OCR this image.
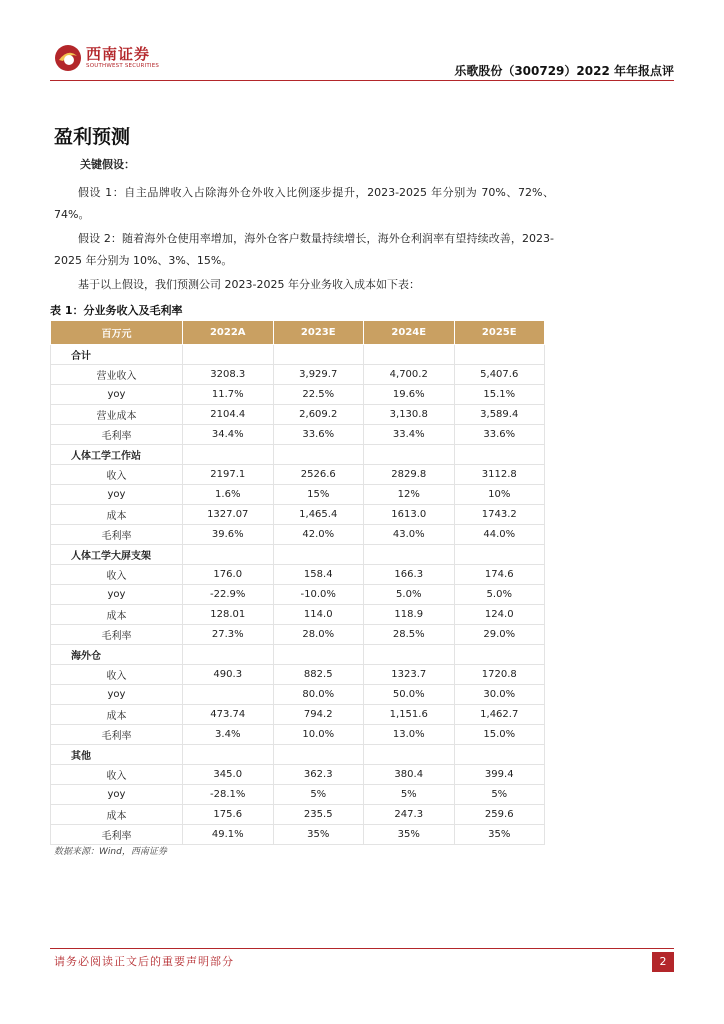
西南证券
SOUTHWEST SECURITIES	乐歌股份（300729）2022 年年报点评
盈利预测
关键假设：
假设 1：自主品牌收入占除海外仓外收入比例逐步提升，2023-2025 年分别为 70%、72%、74%。
假设 2：随着海外仓使用率增加，海外仓客户数量持续增长，海外仓利润率有望持续改善，2023-2025 年分别为 10%、3%、15%。
基于以上假设，我们预测公司 2023-2025 年分业务收入成本如下表：
表 1：分业务收入及毛利率
百万元	2022A	2023E	2024E	2025E
合计				
营业收入	3208.3	3,929.7	4,700.2	5,407.6
yoy	11.7%	22.5%	19.6%	15.1%
营业成本	2104.4	2,609.2	3,130.8	3,589.4
毛利率	34.4%	33.6%	33.4%	33.6%
人体工学工作站				
收入	2197.1	2526.6	2829.8	3112.8
yoy	1.6%	15%	12%	10%
成本	1327.07	1,465.4	1613.0	1743.2
毛利率	39.6%	42.0%	43.0%	44.0%
人体工学大屏支架				
收入	176.0	158.4	166.3	174.6
yoy	-22.9%	-10.0%	5.0%	5.0%
成本	128.01	114.0	118.9	124.0
毛利率	27.3%	28.0%	28.5%	29.0%
海外仓				
收入	490.3	882.5	1323.7	1720.8
yoy		80.0%	50.0%	30.0%
成本	473.74	794.2	1,151.6	1,462.7
毛利率	3.4%	10.0%	13.0%	15.0%
其他				
收入	345.0	362.3	380.4	399.4
yoy	-28.1%	5%	5%	5%
成本	175.6	235.5	247.3	259.6
毛利率	49.1%	35%	35%	35%
数据来源：Wind，西南证券
请务必阅读正文后的重要声明部分	2
